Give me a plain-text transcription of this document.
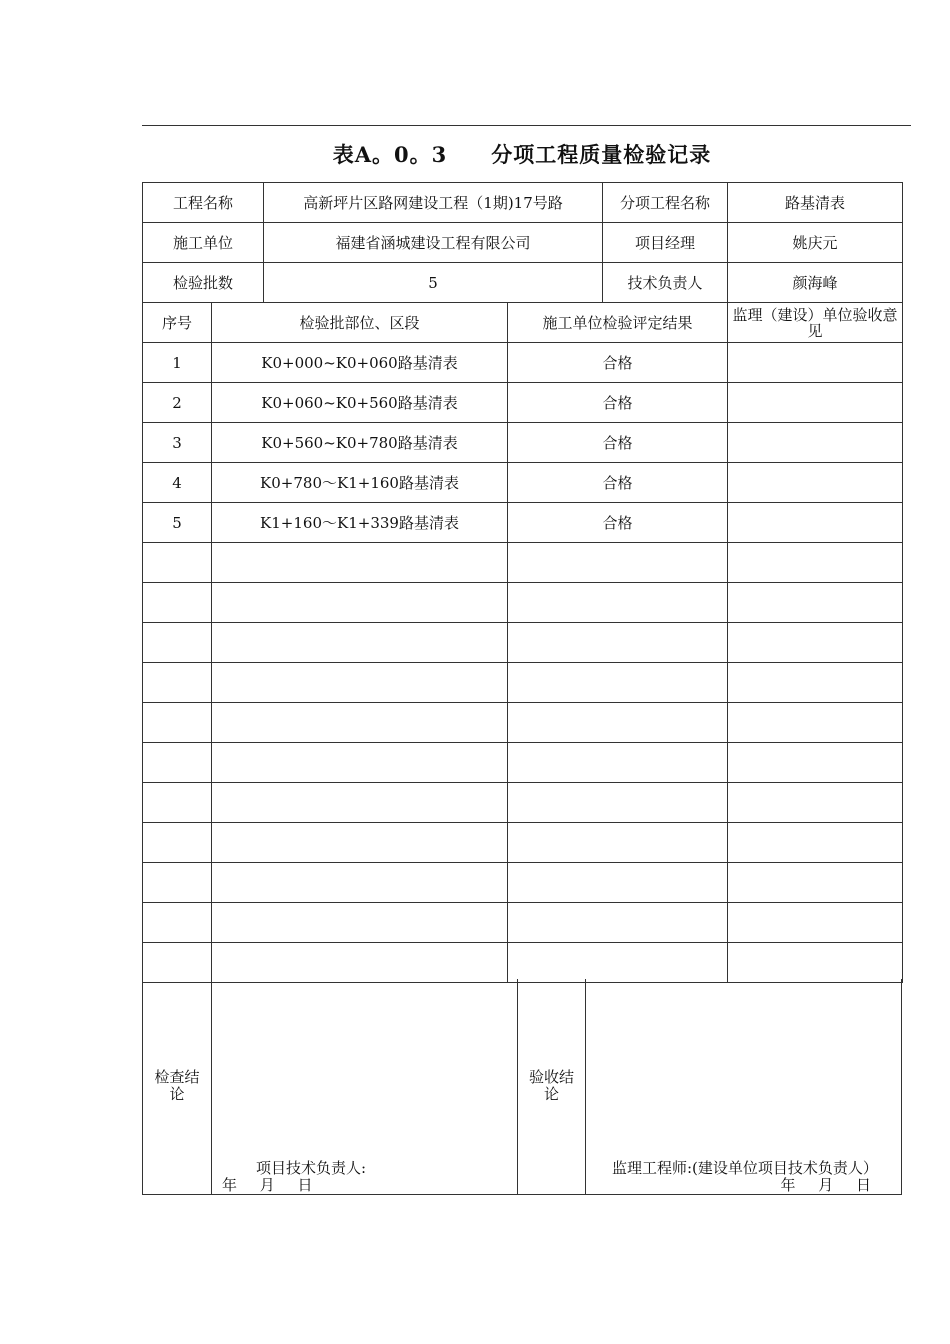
表A。0。3 分项工程质量检验记录
工程名称		高新坪片区路网建设工程（1期)17号路		分项工程名称	路基清表
施工单位		福建省涵城建设工程有限公司		项目经理	姚庆元
检验批数		5		技术负责人	颜海峰
序号	检验批部位、区段		施工单位检验评定结果		监理（建设）单位验收意见
1	K0+000~K0+060路基清表		合格		
2	K0+060~K0+560路基清表		合格		
3	K0+560~K0+780路基清表		合格		
4	K0+780～K1+160路基清表		合格		
5	K1+160～K1+339路基清表		合格		

检查结论
项目技术负责人:
年 月 日
验收结论
监理工程师:(建设单位项目技术负责人）
年 月 日
